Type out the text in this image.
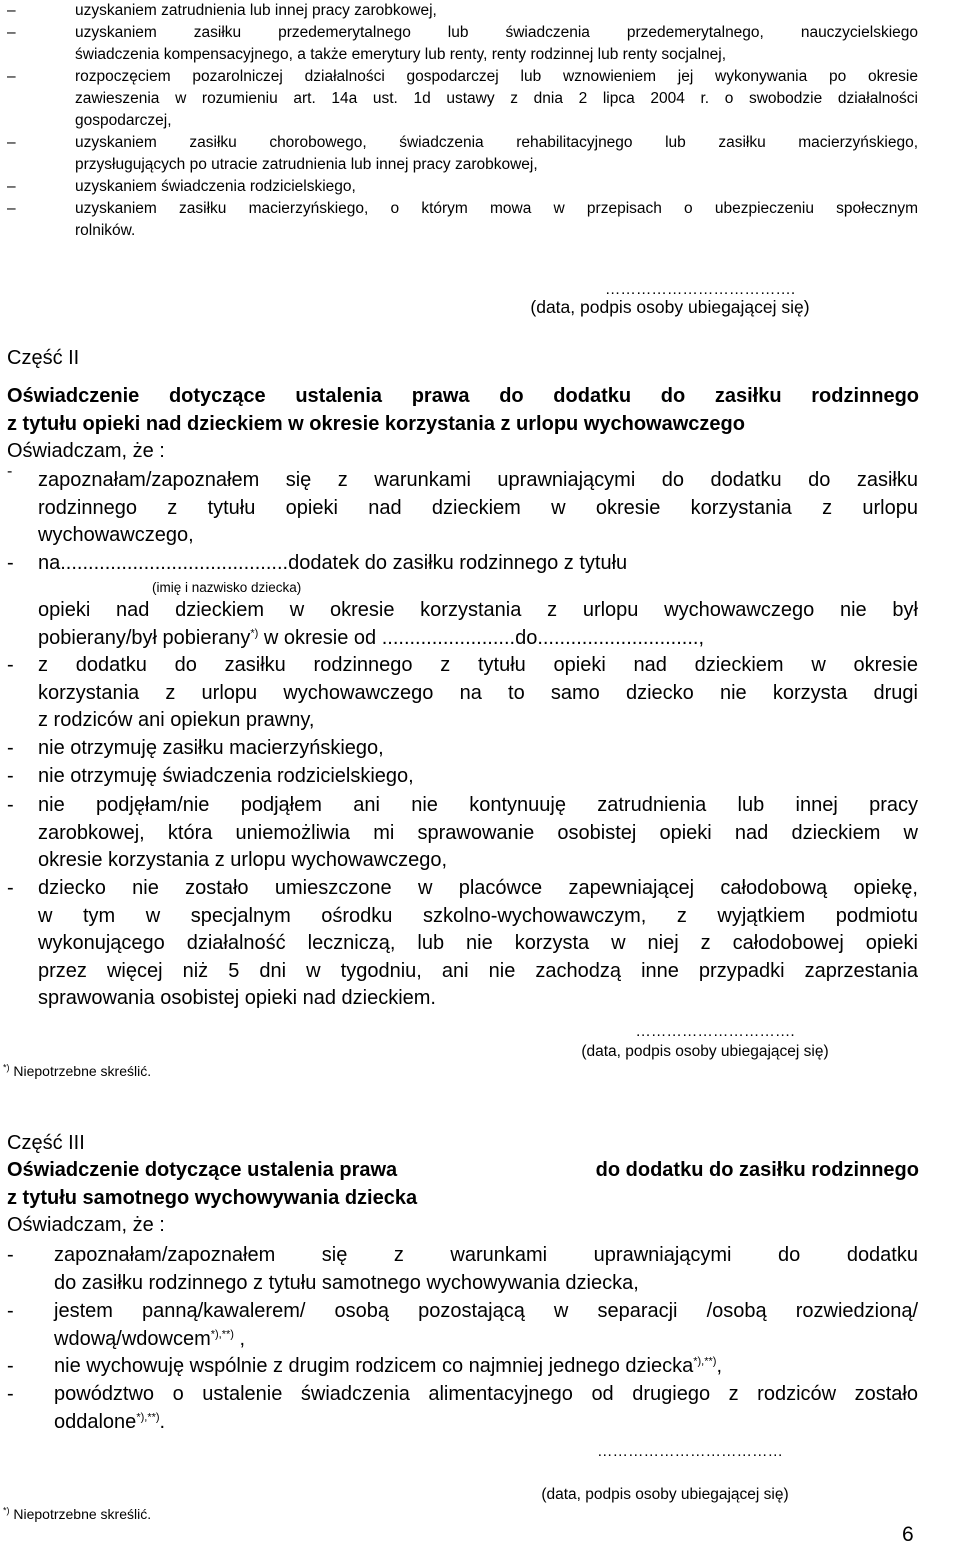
–	uzyskaniem zatrudnienia lub innej pracy zarobkowej,
–	uzyskaniem zasiłku przedemerytalnego lub świadczenia przedemerytalnego, nauczycielskiego
świadczenia kompensacyjnego, a także emerytury lub renty, renty rodzinnej lub renty socjalnej,
–	rozpoczęciem pozarolniczej działalności gospodarczej lub wznowieniem jej wykonywania po okresie
zawieszenia w rozumieniu art. 14a ust. 1d ustawy z dnia 2 lipca 2004 r. o swobodzie działalności
gospodarczej,
–	uzyskaniem zasiłku chorobowego, świadczenia rehabilitacyjnego lub zasiłku macierzyńskiego,
przysługujących po utracie zatrudnienia lub innej pracy zarobkowej,
–	uzyskaniem świadczenia rodzicielskiego,
–	uzyskaniem zasiłku macierzyńskiego, o którym mowa w przepisach o ubezpieczeniu społecznym
rolników.
……………………………….
(data, podpis osoby ubiegającej się)
Część II
Oświadczenie dotyczące ustalenia prawa do dodatku do zasiłku rodzinnego
z tytułu opieki nad dzieckiem w okresie korzystania z urlopu wychowawczego
Oświadczam, że :
- zapoznałam/zapoznałem się z warunkami uprawniającymi do dodatku do zasiłku
rodzinnego z tytułu opieki nad dzieckiem w okresie korzystania z urlopu
wychowawczego,
- na.........................................dodatek do zasiłku rodzinnego z tytułu
(imię i nazwisko dziecka)
opieki nad dzieckiem w okresie korzystania z urlopu wychowawczego nie był
pobierany/był pobierany*) w okresie od ........................do.............................,
- z dodatku do zasiłku rodzinnego z tytułu opieki nad dzieckiem w okresie
korzystania z urlopu wychowawczego na to samo dziecko nie korzysta drugi
z rodziców ani opiekun prawny,
- nie otrzymuję zasiłku macierzyńskiego,
- nie otrzymuję świadczenia rodzicielskiego,
- nie podjęłam/nie podjąłem ani nie kontynuuję zatrudnienia lub innej pracy
zarobkowej, która uniemożliwia mi sprawowanie osobistej opieki nad dzieckiem w
okresie korzystania z urlopu wychowawczego,
- dziecko nie zostało umieszczone w placówce zapewniającej całodobową opiekę,
w tym w specjalnym ośrodku szkolno-wychowawczym, z wyjątkiem podmiotu
wykonującego działalność leczniczą, lub nie korzysta w niej z całodobowej opieki
przez więcej niż 5 dni w tygodniu, ani nie zachodzą inne przypadki zaprzestania
sprawowania osobistej opieki nad dzieckiem.
………………………….
(data, podpis osoby ubiegającej się)
*) Niepotrzebne skreślić.
Część III
Oświadczenie dotyczące ustalenia prawa	do dodatku do zasiłku rodzinnego
z tytułu samotnego wychowywania dziecka
Oświadczam, że :
- zapoznałam/zapoznałem się z warunkami uprawniającymi do dodatku
do zasiłku rodzinnego z tytułu samotnego wychowywania dziecka,
- jestem panną/kawalerem/ osobą pozostającą w separacji /osobą rozwiedzioną/
wdową/wdowcem*),**) ,
- nie wychowuję wspólnie z drugim rodzicem co najmniej jednego dziecka*),**),
- powództwo o ustalenie świadczenia alimentacyjnego od drugiego z rodziców zostało
oddalone*),**).
………………………………
(data, podpis osoby ubiegającej się)
*) Niepotrzebne skreślić.
6
